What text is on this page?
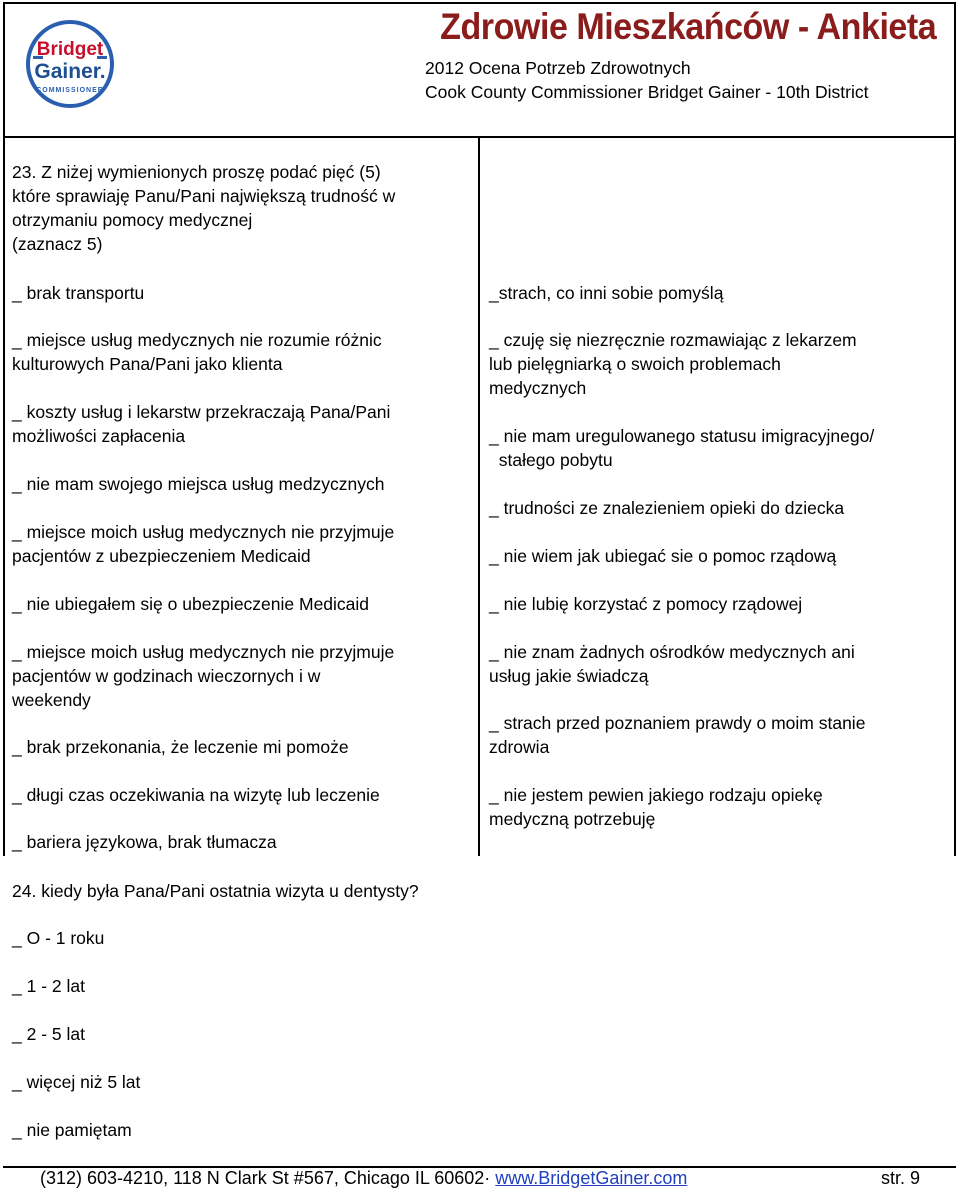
Bridget
Gainer.
COMMISSIONER
Zdrowie Mieszkańców - Ankieta
2012 Ocena Potrzeb Zdrowotnych
Cook County Commissioner Bridget Gainer - 10th District
23. Z niżej wymienionych proszę podać pięć (5)
które sprawiaję Panu/Pani największą trudność w
otrzymaniu pomocy medycznej
(zaznacz 5)
_ brak transportu
_ miejsce usług medycznych nie rozumie różnic
kulturowych Pana/Pani jako klienta
_ koszty usług i lekarstw przekraczają Pana/Pani
możliwości zapłacenia
_ nie mam swojego miejsca usług medzycznych
_ miejsce moich usług medycznych nie przyjmuje
pacjentów z ubezpieczeniem Medicaid
_ nie ubiegałem się o ubezpieczenie Medicaid
_ miejsce moich usług medycznych nie przyjmuje
pacjentów w godzinach wieczornych i w
weekendy
_ brak przekonania, że leczenie mi pomoże
_ długi czas oczekiwania na wizytę lub leczenie
_ bariera językowa, brak tłumacza
_strach, co inni sobie pomyślą
_ czuję się niezręcznie rozmawiając z lekarzem
lub pielęgniarką o swoich problemach
medycznych
_ nie mam uregulowanego statusu imigracyjnego/
stałego pobytu
_ trudności ze znalezieniem opieki do dziecka
_ nie wiem jak ubiegać sie o pomoc rządową
_ nie lubię korzystać z pomocy rządowej
_ nie znam żadnych ośrodków medycznych ani
usług jakie świadczą
_ strach przed poznaniem prawdy o moim stanie
zdrowia
_ nie jestem pewien jakiego rodzaju opiekę
medyczną potrzebuję
24. kiedy była Pana/Pani ostatnia wizyta u dentysty?
_ O - 1 roku
_ 1 - 2 lat
_ 2 - 5 lat
_ więcej niż 5 lat
_ nie pamiętam
(312) 603-4210, 118 N Clark St #567, Chicago IL 60602· www.BridgetGainer.com	str. 9
